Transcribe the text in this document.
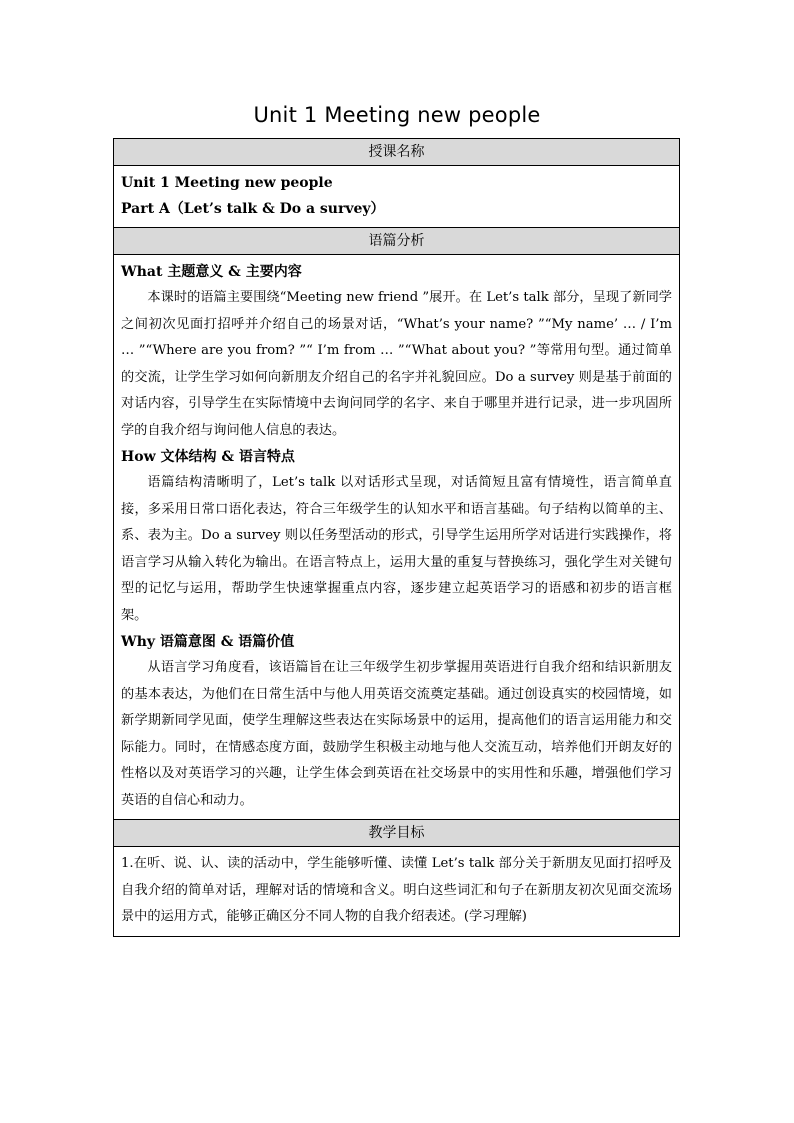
Unit 1 Meeting new people
授课名称
Unit 1 Meeting new people
Part A（Let’s talk & Do a survey）
语篇分析
What 主题意义 & 主要内容

本课时的语篇主要围绕“Meeting new friend ”展开。在 Let’s talk 部分，呈现了新同学之间初次见面打招呼并介绍自己的场景对话，“What’s your name? ”“My name’ … / I’m … ”“Where are you from? ”“ I’m from … ”“What about you? ”等常用句型。通过简单的交流，让学生学习如何向新朋友介绍自己的名字并礼貌回应。Do a survey 则是基于前面的对话内容，引导学生在实际情境中去询问同学的名字、来自于哪里并进行记录，进一步巩固所学的自我介绍与询问他人信息的表达。

How 文体结构 & 语言特点

语篇结构清晰明了，Let’s talk 以对话形式呈现，对话简短且富有情境性，语言简单直接，多采用日常口语化表达，符合三年级学生的认知水平和语言基础。句子结构以简单的主、系、表为主。Do a survey 则以任务型活动的形式，引导学生运用所学对话进行实践操作，将语言学习从输入转化为输出。在语言特点上，运用大量的重复与替换练习，强化学生对关键句型的记忆与运用，帮助学生快速掌握重点内容，逐步建立起英语学习的语感和初步的语言框架。

Why 语篇意图 & 语篇价值

从语言学习角度看，该语篇旨在让三年级学生初步掌握用英语进行自我介绍和结识新朋友的基本表达，为他们在日常生活中与他人用英语交流奠定基础。通过创设真实的校园情境，如新学期新同学见面，使学生理解这些表达在实际场景中的运用，提高他们的语言运用能力和交际能力。同时，在情感态度方面，鼓励学生积极主动地与他人交流互动，培养他们开朗友好的性格以及对英语学习的兴趣，让学生体会到英语在社交场景中的实用性和乐趣，增强他们学习英语的自信心和动力。

教学目标

1.在听、说、认、读的活动中，学生能够听懂、读懂 Let’s talk 部分关于新朋友见面打招呼及自我介绍的简单对话，理解对话的情境和含义。明白这些词汇和句子在新朋友初次见面交流场景中的运用方式，能够正确区分不同人物的自我介绍表述。(学习理解)
